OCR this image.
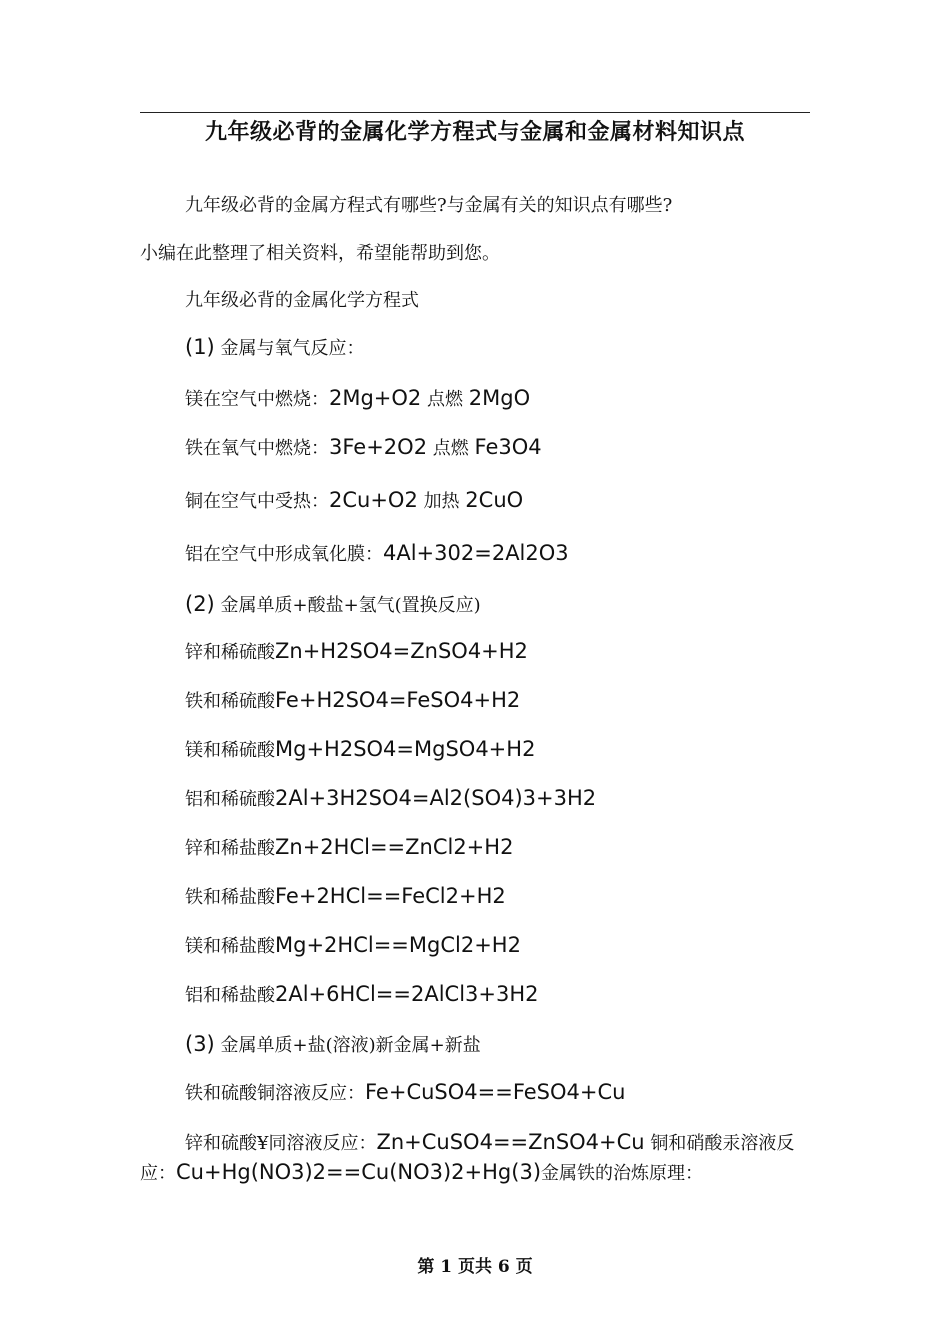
九年级必背的金属化学方程式与金属和金属材料知识点
九年级必背的金属方程式有哪些?与金属有关的知识点有哪些?
小编在此整理了相关资料，希望能帮助到您。
九年级必背的金属化学方程式
(1) 金属与氧气反应：
镁在空气中燃烧：2Mg+O2 点燃 2MgO
铁在氧气中燃烧：3Fe+2O2 点燃 Fe3O4
铜在空气中受热：2Cu+O2 加热 2CuO
铝在空气中形成氧化膜：4Al+302=2Al2O3
(2) 金属单质+酸盐+氢气(置换反应)
锌和稀硫酸Zn+H2SO4=ZnSO4+H2
铁和稀硫酸Fe+H2SO4=FeSO4+H2
镁和稀硫酸Mg+H2SO4=MgSO4+H2
铝和稀硫酸2Al+3H2SO4=Al2(SO4)3+3H2
锌和稀盐酸Zn+2HCl==ZnCl2+H2
铁和稀盐酸Fe+2HCl==FeCl2+H2
镁和稀盐酸Mg+2HCl==MgCl2+H2
铝和稀盐酸2Al+6HCl==2AlCl3+3H2
(3) 金属单质+盐(溶液)新金属+新盐
铁和硫酸铜溶液反应：Fe+CuSO4==FeSO4+Cu
锌和硫酸¥同溶液反应：Zn+CuSO4==ZnSO4+Cu 铜和硝酸汞溶液反应：Cu+Hg(NO3)2==Cu(NO3)2+Hg(3)金属铁的治炼原理：
第 1 页共 6 页
